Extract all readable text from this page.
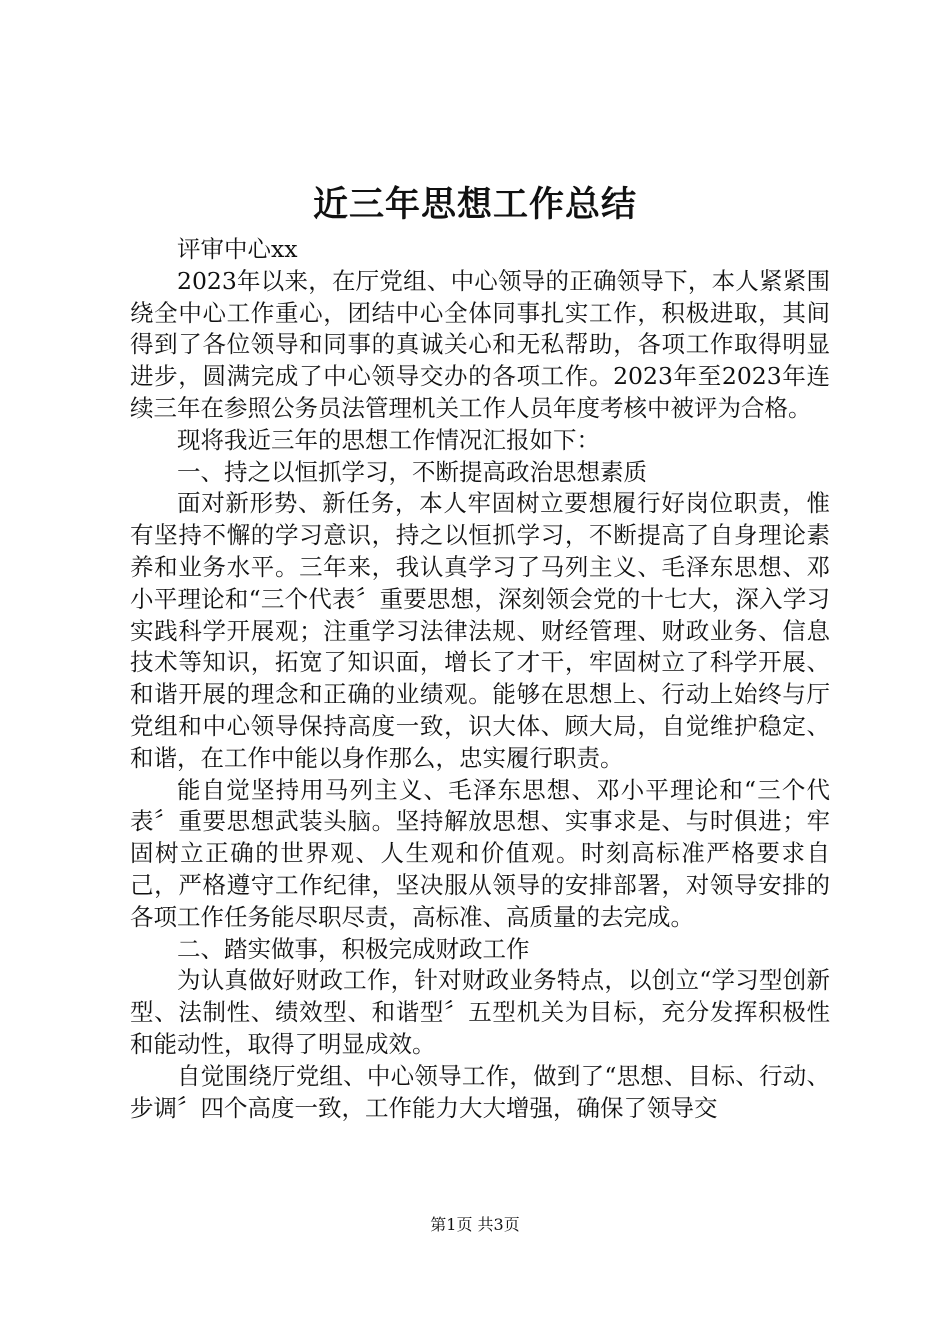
近三年思想工作总结

评审中心xx

2023年以来，在厅党组、中心领导的正确领导下，本人紧紧围绕全中心工作重心，团结中心全体同事扎实工作，积极进取，其间得到了各位领导和同事的真诚关心和无私帮助，各项工作取得明显进步，圆满完成了中心领导交办的各项工作。2023年至2023年连续三年在参照公务员法管理机关工作人员年度考核中被评为合格。

现将我近三年的思想工作情况汇报如下：

一、持之以恒抓学习，不断提高政治思想素质

面对新形势、新任务，本人牢固树立要想履行好岗位职责，惟有坚持不懈的学习意识，持之以恒抓学习，不断提高了自身理论素养和业务水平。三年来，我认真学习了马列主义、毛泽东思想、邓小平理论和“三个代表〞重要思想，深刻领会党的十七大，深入学习实践科学开展观；注重学习法律法规、财经管理、财政业务、信息技术等知识，拓宽了知识面，增长了才干，牢固树立了科学开展、和谐开展的理念和正确的业绩观。能够在思想上、行动上始终与厅党组和中心领导保持高度一致，识大体、顾大局，自觉维护稳定、和谐，在工作中能以身作那么，忠实履行职责。

能自觉坚持用马列主义、毛泽东思想、邓小平理论和“三个代表〞重要思想武装头脑。坚持解放思想、实事求是、与时俱进；牢固树立正确的世界观、人生观和价值观。时刻高标准严格要求自己，严格遵守工作纪律，坚决服从领导的安排部署，对领导安排的各项工作任务能尽职尽责，高标准、高质量的去完成。

二、踏实做事，积极完成财政工作

为认真做好财政工作，针对财政业务特点，以创立“学习型创新型、法制性、绩效型、和谐型〞五型机关为目标，充分发挥积极性和能动性，取得了明显成效。

自觉围绕厅党组、中心领导工作，做到了“思想、目标、行动、步调〞四个高度一致，工作能力大大增强，确保了领导交

第1页 共3页
